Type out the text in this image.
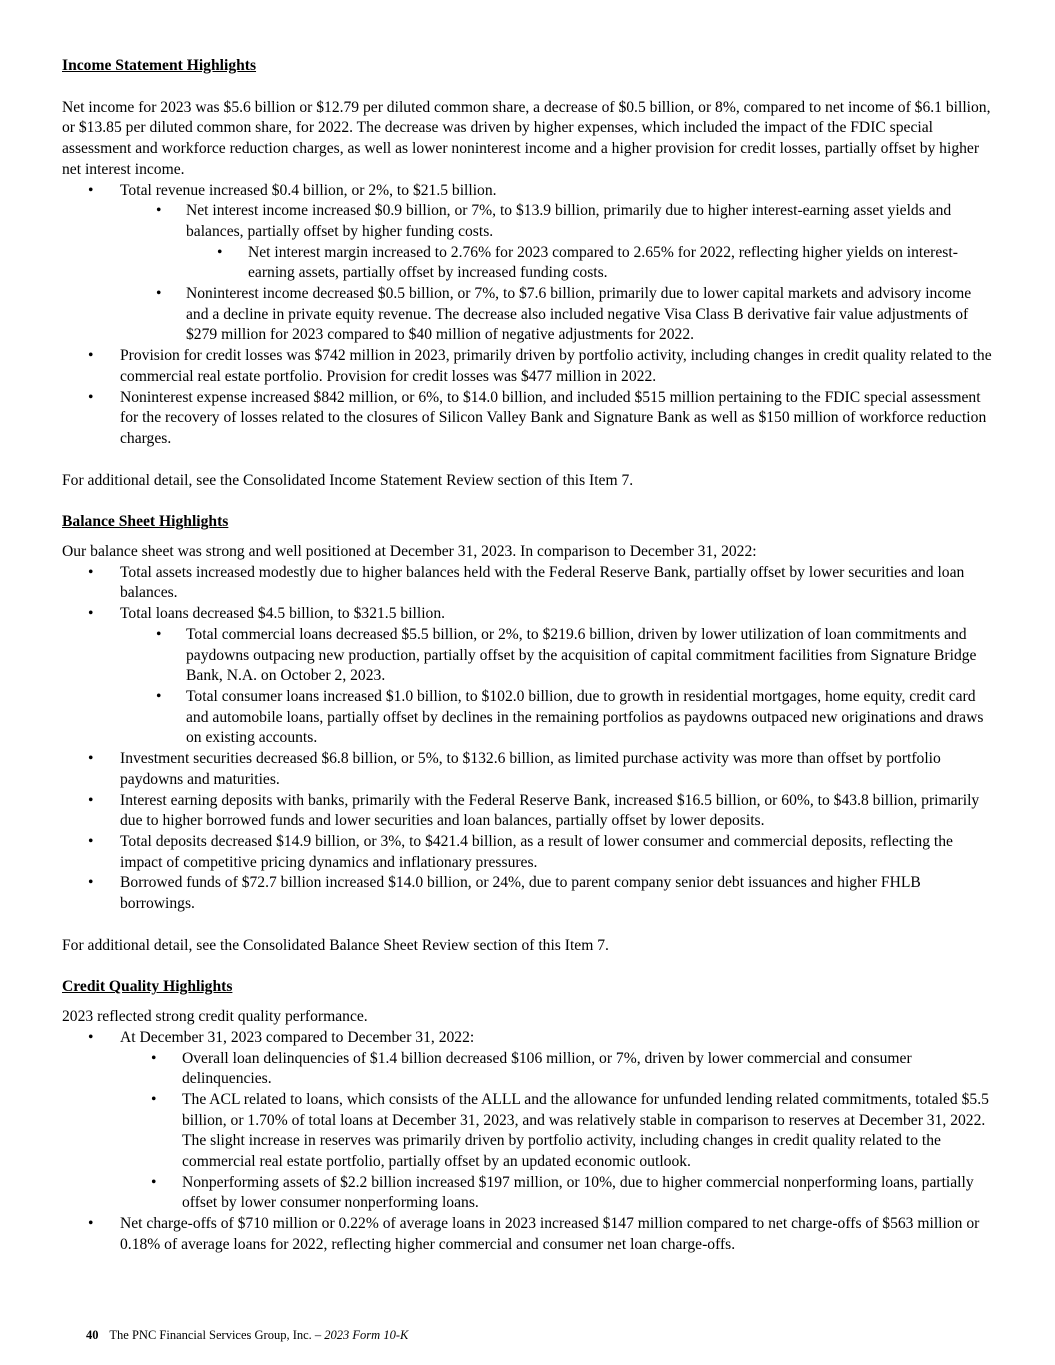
Income Statement Highlights

Net income for 2023 was $5.6 billion or $12.79 per diluted common share, a decrease of $0.5 billion, or 8%, compared to net income of $6.1 billion, or $13.85 per diluted common share, for 2022. The decrease was driven by higher expenses, which included the impact of the FDIC special assessment and workforce reduction charges, as well as lower noninterest income and a higher provision for credit losses, partially offset by higher net interest income.

• Total revenue increased $0.4 billion, or 2%, to $21.5 billion.
• Net interest income increased $0.9 billion, or 7%, to $13.9 billion, primarily due to higher interest-earning asset yields and balances, partially offset by higher funding costs.
• Net interest margin increased to 2.76% for 2023 compared to 2.65% for 2022, reflecting higher yields on interest-earning assets, partially offset by increased funding costs.
• Noninterest income decreased $0.5 billion, or 7%, to $7.6 billion, primarily due to lower capital markets and advisory income and a decline in private equity revenue. The decrease also included negative Visa Class B derivative fair value adjustments of $279 million for 2023 compared to $40 million of negative adjustments for 2022.
• Provision for credit losses was $742 million in 2023, primarily driven by portfolio activity, including changes in credit quality related to the commercial real estate portfolio. Provision for credit losses was $477 million in 2022.
• Noninterest expense increased $842 million, or 6%, to $14.0 billion, and included $515 million pertaining to the FDIC special assessment for the recovery of losses related to the closures of Silicon Valley Bank and Signature Bank as well as $150 million of workforce reduction charges.

For additional detail, see the Consolidated Income Statement Review section of this Item 7.

Balance Sheet Highlights

Our balance sheet was strong and well positioned at December 31, 2023. In comparison to December 31, 2022:

• Total assets increased modestly due to higher balances held with the Federal Reserve Bank, partially offset by lower securities and loan balances.
• Total loans decreased $4.5 billion, to $321.5 billion.
• Total commercial loans decreased $5.5 billion, or 2%, to $219.6 billion, driven by lower utilization of loan commitments and paydowns outpacing new production, partially offset by the acquisition of capital commitment facilities from Signature Bridge Bank, N.A. on October 2, 2023.
• Total consumer loans increased $1.0 billion, to $102.0 billion, due to growth in residential mortgages, home equity, credit card and automobile loans, partially offset by declines in the remaining portfolios as paydowns outpaced new originations and draws on existing accounts.
• Investment securities decreased $6.8 billion, or 5%, to $132.6 billion, as limited purchase activity was more than offset by portfolio paydowns and maturities.
• Interest earning deposits with banks, primarily with the Federal Reserve Bank, increased $16.5 billion, or 60%, to $43.8 billion, primarily due to higher borrowed funds and lower securities and loan balances, partially offset by lower deposits.
• Total deposits decreased $14.9 billion, or 3%, to $421.4 billion, as a result of lower consumer and commercial deposits, reflecting the impact of competitive pricing dynamics and inflationary pressures.
• Borrowed funds of $72.7 billion increased $14.0 billion, or 24%, due to parent company senior debt issuances and higher FHLB borrowings.

For additional detail, see the Consolidated Balance Sheet Review section of this Item 7.

Credit Quality Highlights

2023 reflected strong credit quality performance.

• At December 31, 2023 compared to December 31, 2022:
• Overall loan delinquencies of $1.4 billion decreased $106 million, or 7%, driven by lower commercial and consumer delinquencies.
• The ACL related to loans, which consists of the ALLL and the allowance for unfunded lending related commitments, totaled $5.5 billion, or 1.70% of total loans at December 31, 2023, and was relatively stable in comparison to reserves at December 31, 2022. The slight increase in reserves was primarily driven by portfolio activity, including changes in credit quality related to the commercial real estate portfolio, partially offset by an updated economic outlook.
• Nonperforming assets of $2.2 billion increased $197 million, or 10%, due to higher commercial nonperforming loans, partially offset by lower consumer nonperforming loans.
• Net charge-offs of $710 million or 0.22% of average loans in 2023 increased $147 million compared to net charge-offs of $563 million or 0.18% of average loans for 2022, reflecting higher commercial and consumer net loan charge-offs.
40 The PNC Financial Services Group, Inc. – 2023 Form 10-K
